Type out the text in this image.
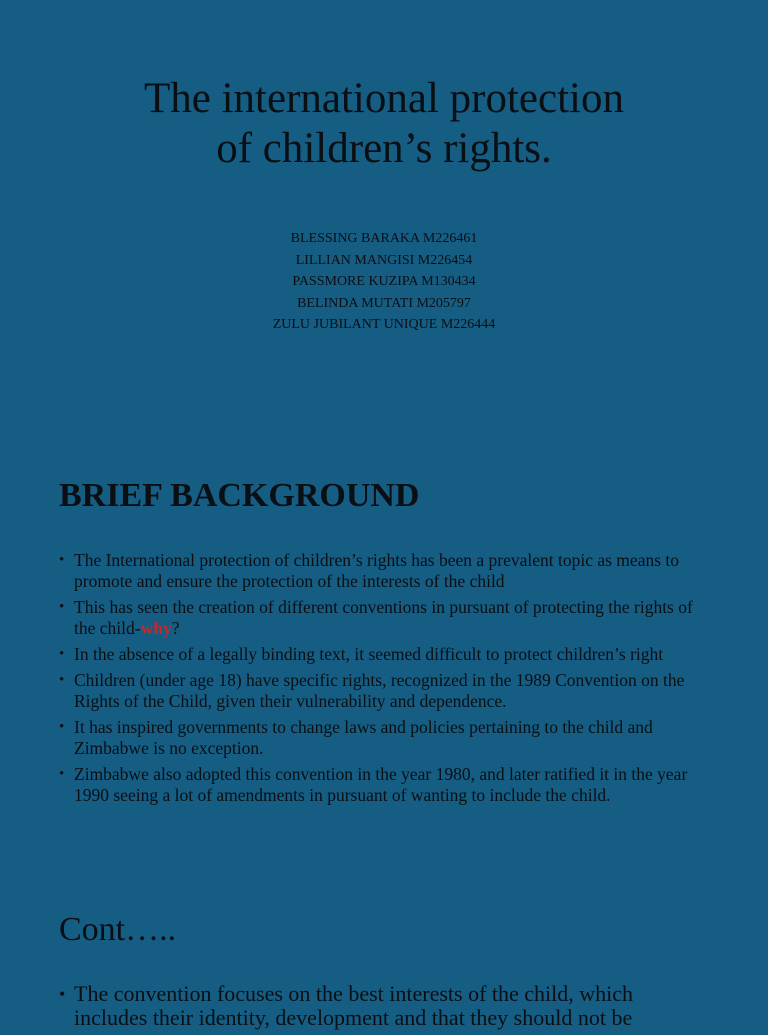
The international protection
of children’s rights.
BLESSING BARAKA M226461
LILLIAN MANGISI M226454
PASSMORE KUZIPA M130434
BELINDA MUTATI M205797
ZULU JUBILANT UNIQUE M226444
BRIEF BACKGROUND
• The International protection of children’s rights has been a prevalent topic as means to promote and ensure the protection of the interests of the child
• This has seen the creation of different conventions in pursuant of protecting the rights of the child-why?
• In the absence of a legally binding text, it seemed difficult to protect children’s right
• Children (under age 18) have specific rights, recognized in the 1989 Convention on the Rights of the Child, given their vulnerability and dependence.
• It has inspired governments to change laws and policies pertaining to the child and Zimbabwe is no exception.
• Zimbabwe also adopted this convention in the year 1980, and later ratified it in the year 1990 seeing a lot of amendments in pursuant of wanting to include the child.
Cont…..
• The convention focuses on the best interests of the child, which includes their identity, development and that they should not be
